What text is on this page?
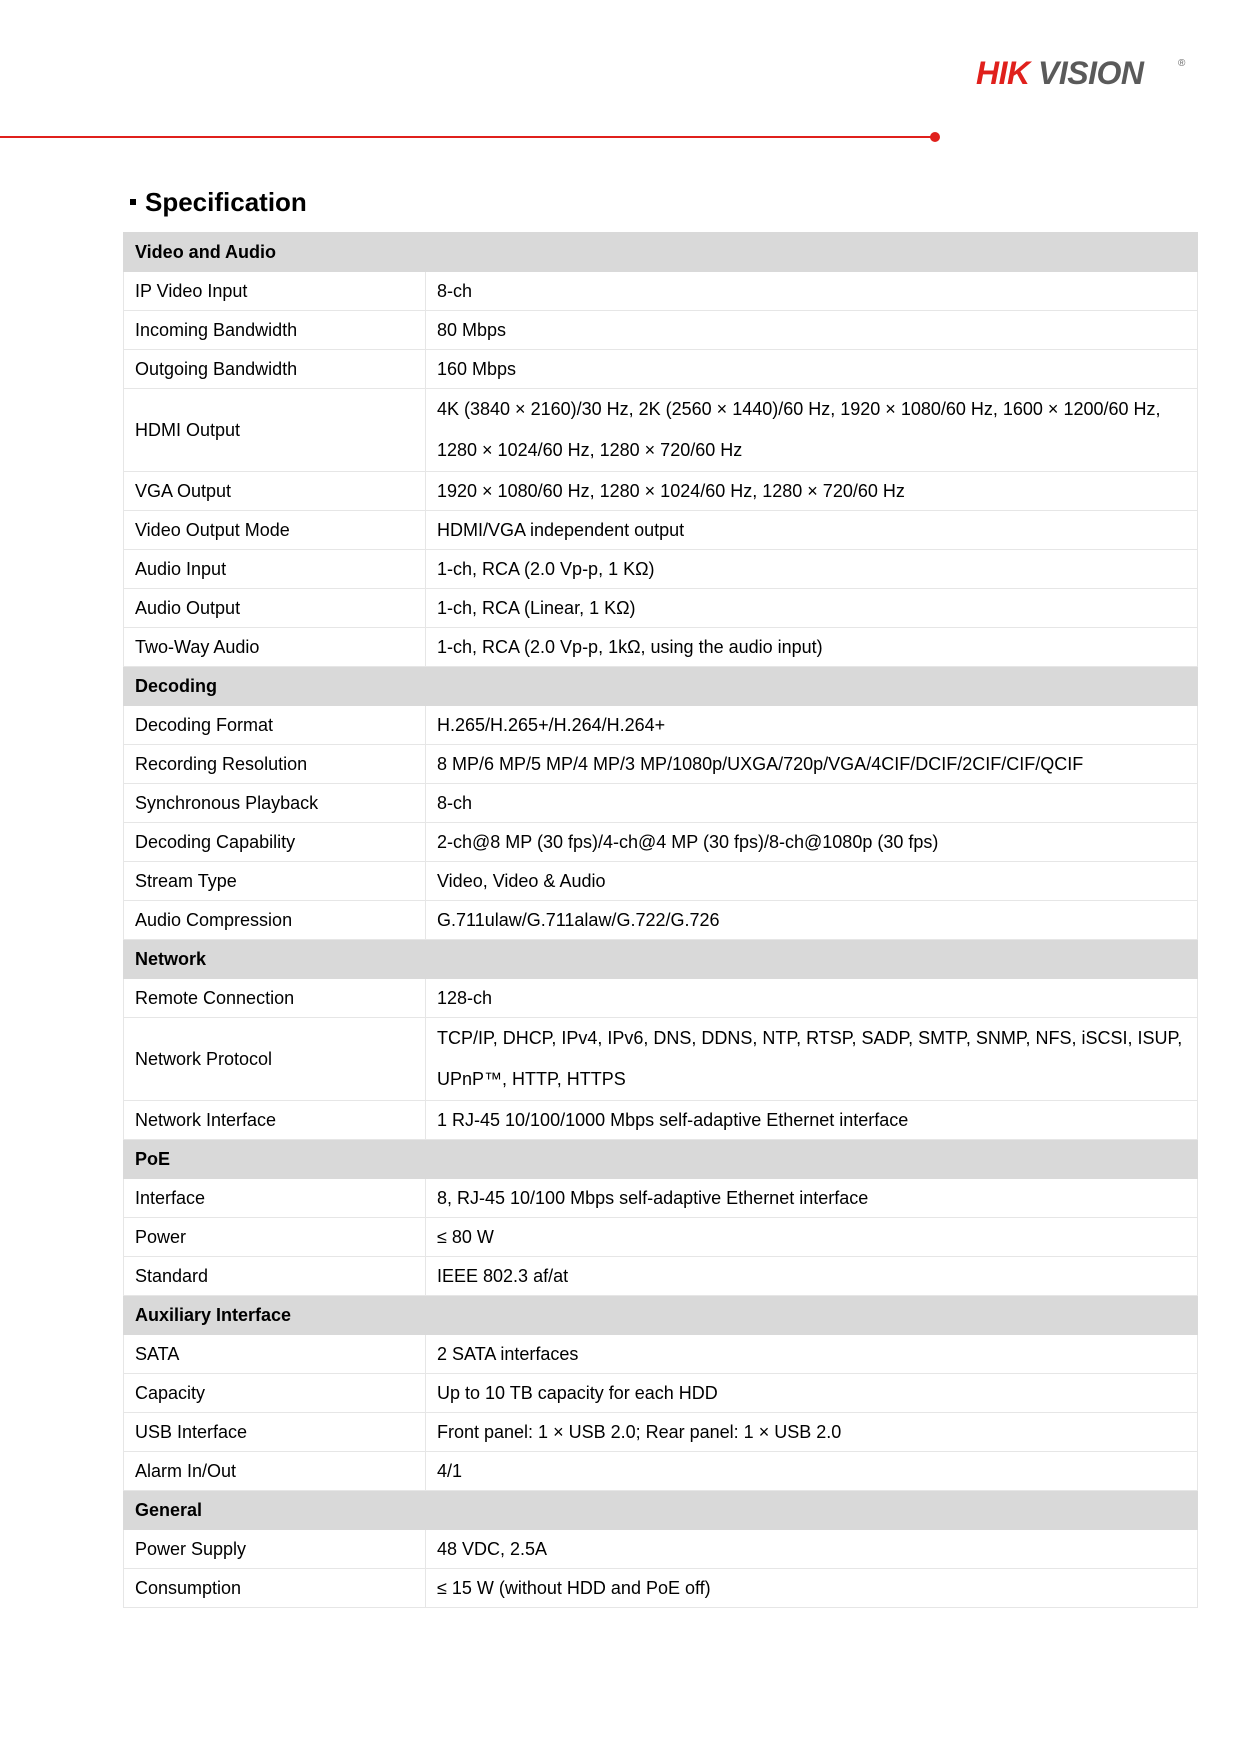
HIK VISION	®
Specification
Video and Audio	
IP Video Input	8-ch
Incoming Bandwidth	80 Mbps
Outgoing Bandwidth	160 Mbps
HDMI Output	4K (3840 × 2160)/30 Hz, 2K (2560 × 1440)/60 Hz, 1920 × 1080/60 Hz, 1600 × 1200/60 Hz, 1280 × 1024/60 Hz, 1280 × 720/60 Hz
VGA Output	1920 × 1080/60 Hz, 1280 × 1024/60 Hz, 1280 × 720/60 Hz
Video Output Mode	HDMI/VGA independent output
Audio Input	1-ch, RCA (2.0 Vp-p, 1 KΩ)
Audio Output	1-ch, RCA (Linear, 1 KΩ)
Two-Way Audio	1-ch, RCA (2.0 Vp-p, 1kΩ, using the audio input)
Decoding	
Decoding Format	H.265/H.265+/H.264/H.264+
Recording Resolution	8 MP/6 MP/5 MP/4 MP/3 MP/1080p/UXGA/720p/VGA/4CIF/DCIF/2CIF/CIF/QCIF
Synchronous Playback	8-ch
Decoding Capability	2-ch@8 MP (30 fps)/4-ch@4 MP (30 fps)/8-ch@1080p (30 fps)
Stream Type	Video, Video & Audio
Audio Compression	G.711ulaw/G.711alaw/G.722/G.726
Network	
Remote Connection	128-ch
Network Protocol	TCP/IP, DHCP, IPv4, IPv6, DNS, DDNS, NTP, RTSP, SADP, SMTP, SNMP, NFS, iSCSI, ISUP, UPnP™, HTTP, HTTPS
Network Interface	1 RJ-45 10/100/1000 Mbps self-adaptive Ethernet interface
PoE	
Interface	8, RJ-45 10/100 Mbps self-adaptive Ethernet interface
Power	≤ 80 W
Standard	IEEE 802.3 af/at
Auxiliary Interface	
SATA	2 SATA interfaces
Capacity	Up to 10 TB capacity for each HDD
USB Interface	Front panel: 1 × USB 2.0; Rear panel: 1 × USB 2.0
Alarm In/Out	4/1
General	
Power Supply	48 VDC, 2.5A
Consumption	≤ 15 W (without HDD and PoE off)
